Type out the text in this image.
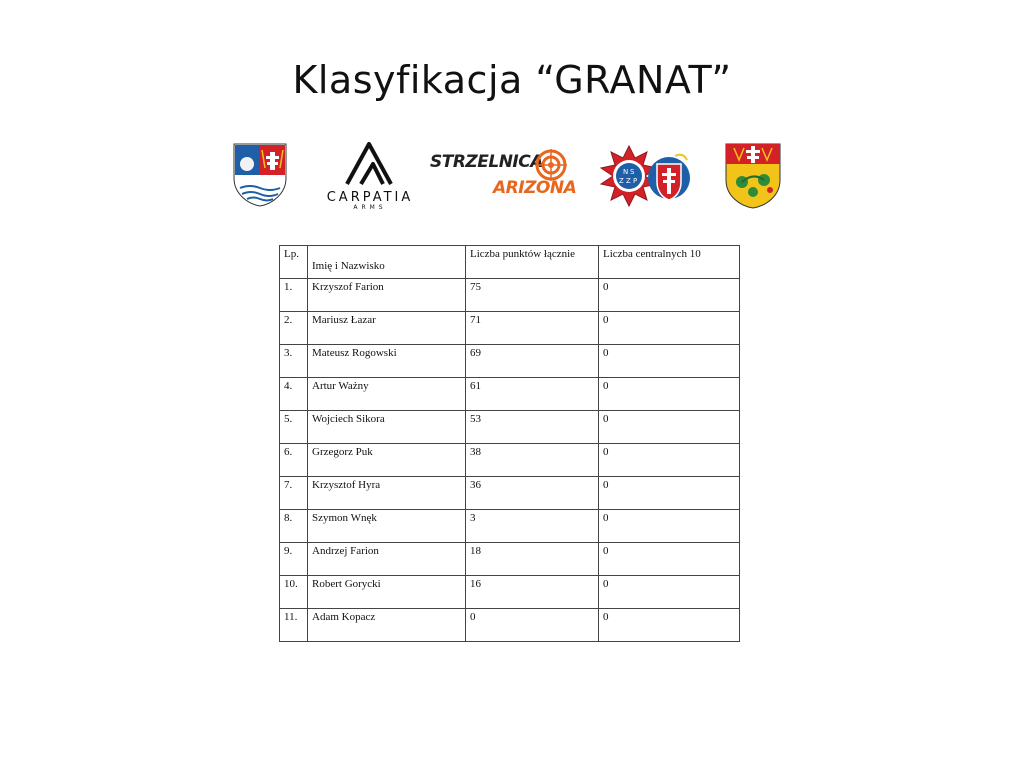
Klasyfikacja “GRANAT”
CARPATIA
ARMS
STRZELNICA
ARIZONA
N S
Z Z P
Lp.	Imię i Nazwisko	Liczba punktów łącznie	Liczba centralnych 10
1.	Krzyszof Farion	75	0
2.	Mariusz Łazar	71	0
3.	Mateusz Rogowski	69	0
4.	Artur Ważny	61	0
5.	Wojciech Sikora	53	0
6.	Grzegorz Puk	38	0
7.	Krzysztof Hyra	36	0
8.	Szymon Wnęk	3	0
9.	Andrzej Farion	18	0
10.	Robert Gorycki	16	0
11.	Adam Kopacz	0	0
